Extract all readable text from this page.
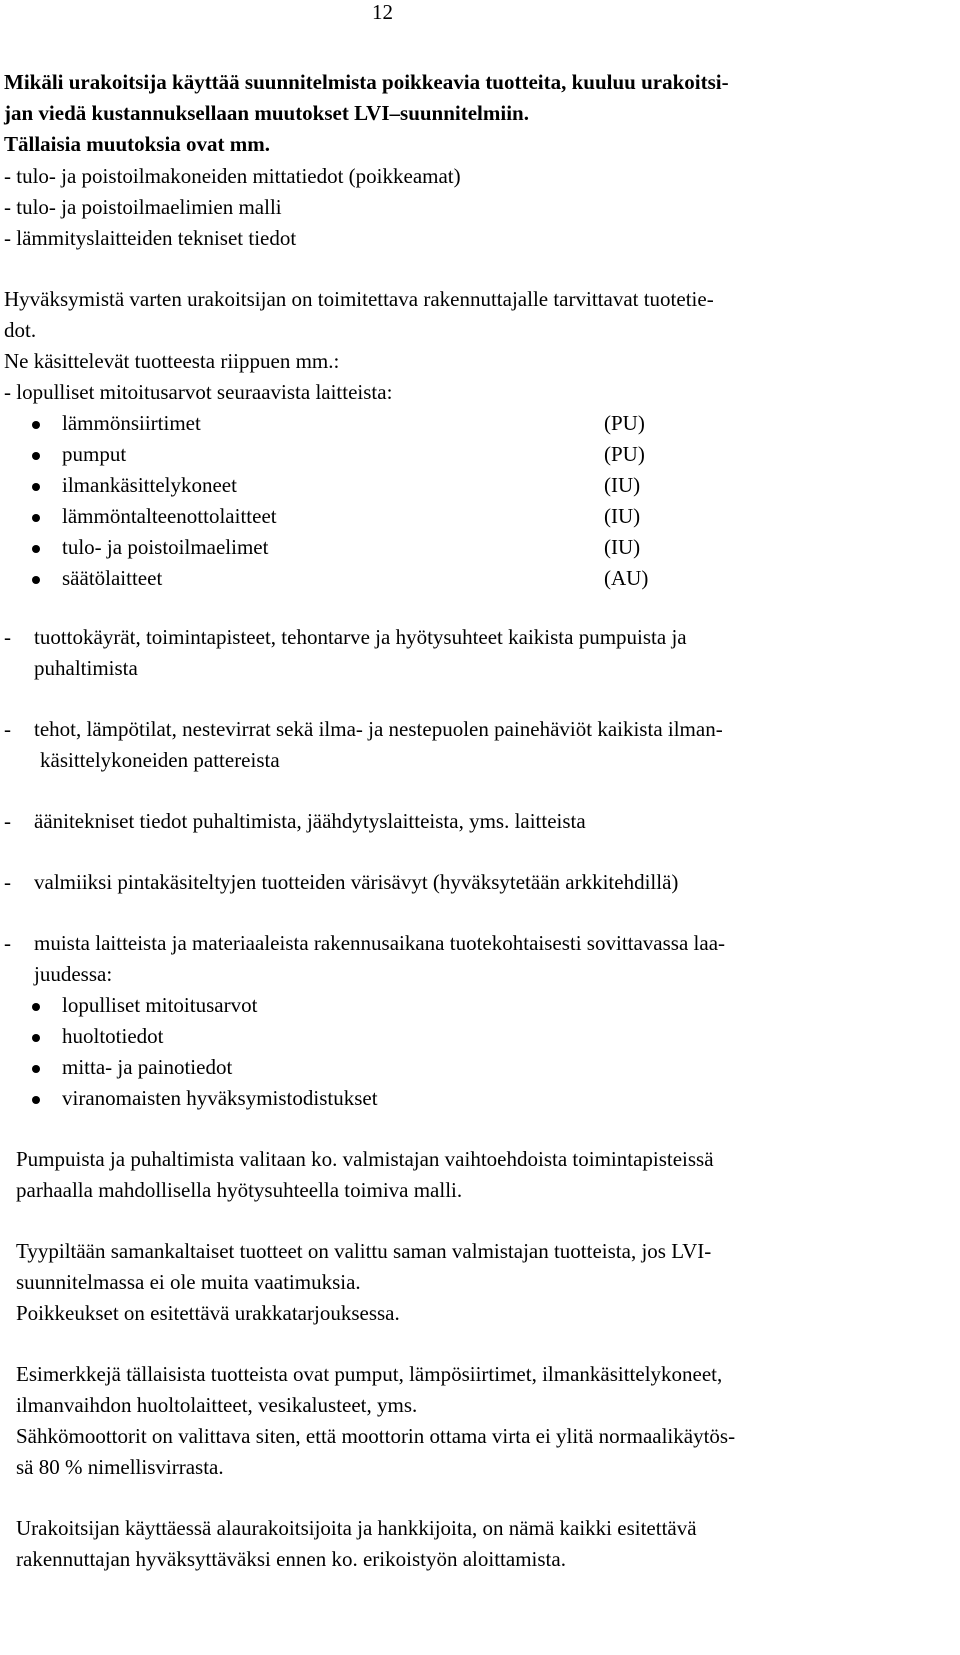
12
Mikäli urakoitsija käyttää suunnitelmista poikkeavia tuotteita, kuuluu urakoitsi-
jan viedä kustannuksellaan muutokset LVI–suunnitelmiin.
Tällaisia muutoksia ovat mm.
- tulo- ja poistoilmakoneiden mittatiedot (poikkeamat)
- tulo- ja poistoilmaelimien malli
- lämmityslaitteiden tekniset tiedot
Hyväksymistä varten urakoitsijan on toimitettava rakennuttajalle tarvittavat tuotetie-
dot.
Ne käsittelevät tuotteesta riippuen mm.:
- lopulliset mitoitusarvot seuraavista laitteista:
lämmönsiirtimet	(PU)
pumput	(PU)
ilmankäsittelykoneet	(IU)
lämmöntalteenottolaitteet	(IU)
tulo- ja poistoilmaelimet	(IU)
säätölaitteet	(AU)
- tuottokäyrät, toimintapisteet, tehontarve ja hyötysuhteet kaikista pumpuista ja
puhaltimista
- tehot, lämpötilat, nestevirrat sekä ilma- ja nestepuolen painehäviöt kaikista ilman-
käsittelykoneiden pattereista
- äänitekniset tiedot puhaltimista, jäähdytyslaitteista, yms. laitteista
- valmiiksi pintakäsiteltyjen tuotteiden värisävyt (hyväksytetään arkkitehdillä)
- muista laitteista ja materiaaleista rakennusaikana tuotekohtaisesti sovittavassa laa-
juudessa:
lopulliset mitoitusarvot
huoltotiedot
mitta- ja painotiedot
viranomaisten hyväksymistodistukset
Pumpuista ja puhaltimista valitaan ko. valmistajan vaihtoehdoista toimintapisteissä
parhaalla mahdollisella hyötysuhteella toimiva malli.
Tyypiltään samankaltaiset tuotteet on valittu saman valmistajan tuotteista, jos LVI-
suunnitelmassa ei ole muita vaatimuksia.
Poikkeukset on esitettävä urakkatarjouksessa.
Esimerkkejä tällaisista tuotteista ovat pumput, lämpösiirtimet, ilmankäsittelykoneet,
ilmanvaihdon huoltolaitteet, vesikalusteet, yms.
Sähkömoottorit on valittava siten, että moottorin ottama virta ei ylitä normaalikäytös-
sä 80 % nimellisvirrasta.
Urakoitsijan käyttäessä alaurakoitsijoita ja hankkijoita, on nämä kaikki esitettävä
rakennuttajan hyväksyttäväksi ennen ko. erikoistyön aloittamista.
